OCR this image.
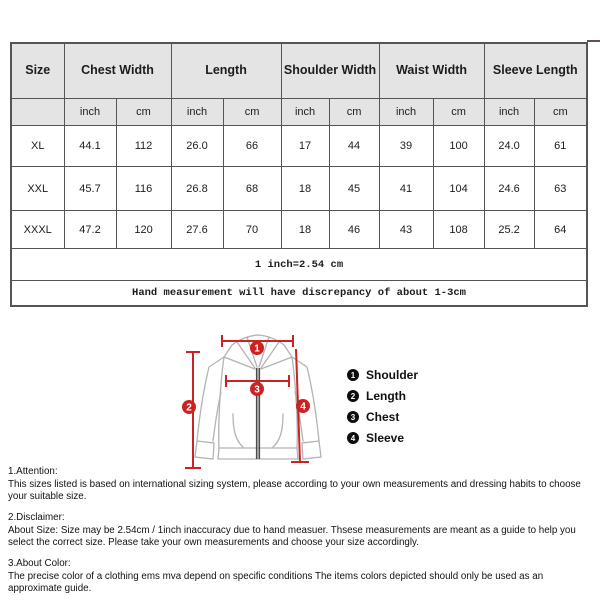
Size	Chest Width		Length		Shoulder Width		Waist Width		Sleeve Length	
	inch	cm	inch	cm	inch	cm	inch	cm	inch	cm
XL	44.1	112	26.0	66	17	44	39	100	24.0	61
XXL	45.7	116	26.8	68	18	45	41	104	24.6	63
XXXL	47.2	120	27.6	70	18	46	43	108	25.2	64
1 inch=2.54 cm										
Hand measurement will have discrepancy of about 1-3cm										
1
2
3
4
1 Shoulder
2 Length
3 Chest
4 Sleeve

1.Attention:

This sizes listed is based on international sizing system, please according to your own measurements and dressing habits to choose your suitable size.

2.Disclaimer:

About Size: Size may be 2.54cm / 1inch inaccuracy due to hand measuer. Thsese measurements are meant as a guide to help you select the correct size. Please take your own measurements and choose your size accordingly.

3.About Color:

The precise color of a clothing ems mva depend on specific conditions The items colors depicted should only be used as an approximate guide.
